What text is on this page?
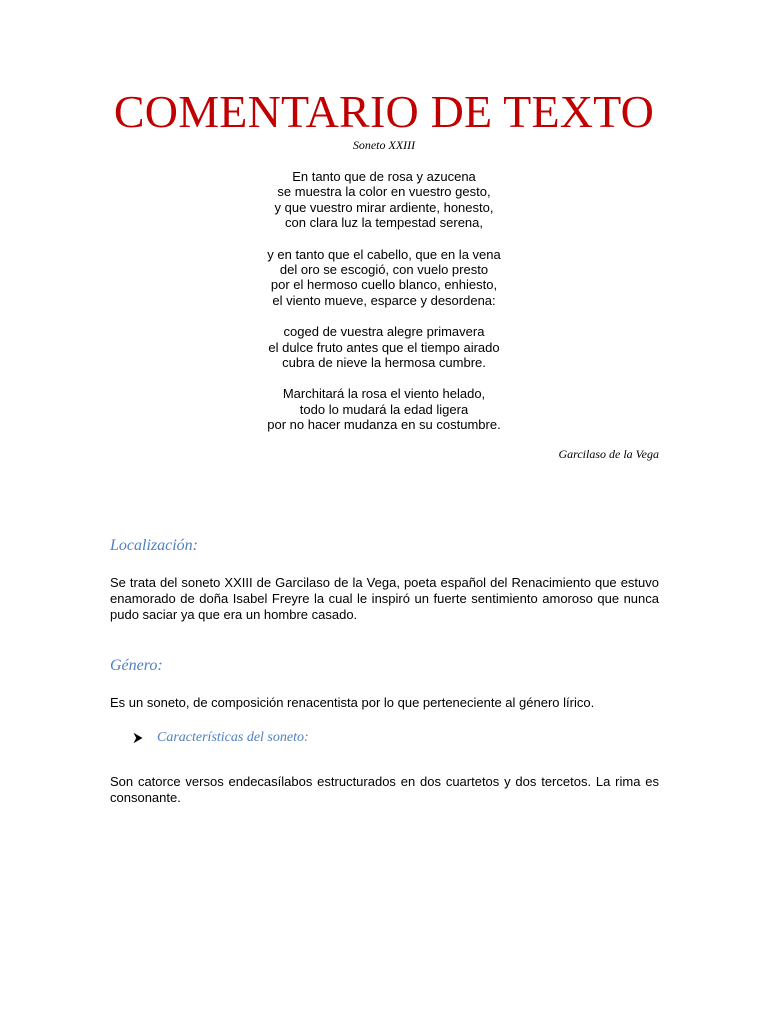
COMENTARIO DE TEXTO
Soneto XXIII
En tanto que de rosa y azucena
se muestra la color en vuestro gesto,
y que vuestro mirar ardiente, honesto,
con clara luz la tempestad serena,
y en tanto que el cabello, que en la vena
del oro se escogió, con vuelo presto
por el hermoso cuello blanco, enhiesto,
el viento mueve, esparce y desordena:
coged de vuestra alegre primavera
el dulce fruto antes que el tiempo airado
cubra de nieve la hermosa cumbre.
Marchitará la rosa el viento helado,
todo lo mudará la edad ligera
por no hacer mudanza en su costumbre.
Garcilaso de la Vega
Localización:
Se trata del soneto XXIII de Garcilaso de la Vega, poeta español del Renacimiento que estuvo enamorado de doña Isabel Freyre la cual le inspiró un fuerte sentimiento amoroso que nunca pudo saciar ya que era un hombre casado.
Género:
Es un soneto, de composición renacentista por lo que perteneciente al género lírico.
Características del soneto:
Son catorce versos endecasílabos estructurados en dos cuartetos y dos tercetos. La rima es consonante.
